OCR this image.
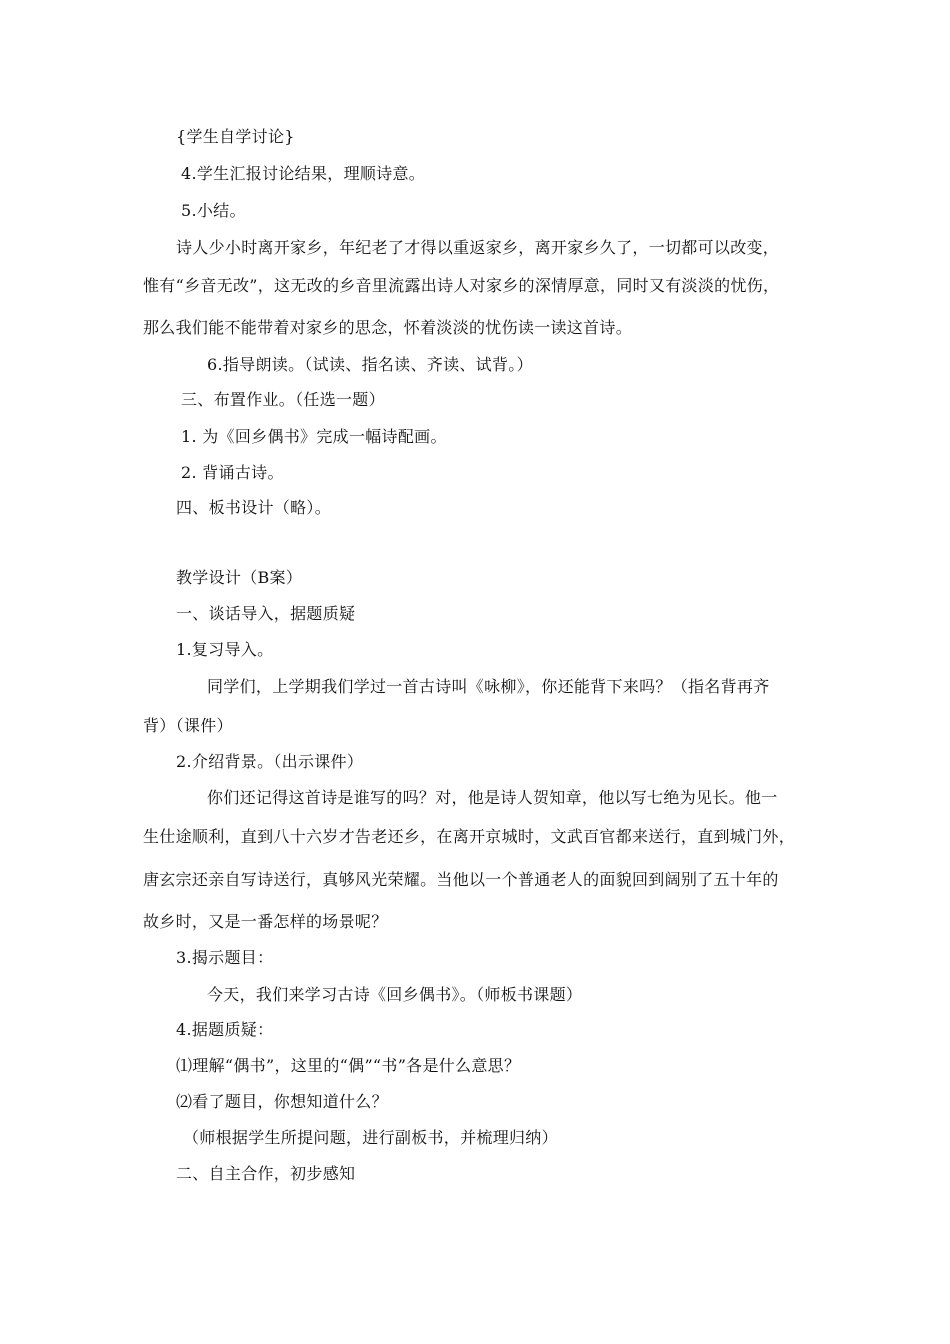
{学生自学讨论}
4.学生汇报讨论结果，理顺诗意。
5.小结。
诗人少小时离开家乡，年纪老了才得以重返家乡，离开家乡久了，一切都可以改变，
惟有“乡音无改”，这无改的乡音里流露出诗人对家乡的深情厚意，同时又有淡淡的忧伤，
那么我们能不能带着对家乡的思念，怀着淡淡的忧伤读一读这首诗。
6.指导朗读。（试读、指名读、齐读、试背。）
三、布置作业。（任选一题）
1. 为《回乡偶书》完成一幅诗配画。
2. 背诵古诗。
四、板书设计（略）。
教学设计（B案）
一、谈话导入，据题质疑
1.复习导入。
同学们，上学期我们学过一首古诗叫《咏柳》，你还能背下来吗？（指名背再齐
背）（课件）
2.介绍背景。（出示课件）
你们还记得这首诗是谁写的吗？对，他是诗人贺知章，他以写七绝为见长。他一
生仕途顺利，直到八十六岁才告老还乡，在离开京城时，文武百官都来送行，直到城门外，
唐玄宗还亲自写诗送行，真够风光荣耀。当他以一个普通老人的面貌回到阔别了五十年的
故乡时，又是一番怎样的场景呢？
3.揭示题目：
今天，我们来学习古诗《回乡偶书》。（师板书课题）
4.据题质疑：
⑴理解“偶书”，这里的“偶”“书”各是什么意思？
⑵看了题目，你想知道什么？
（师根据学生所提问题，进行副板书，并梳理归纳）
二、自主合作，初步感知
